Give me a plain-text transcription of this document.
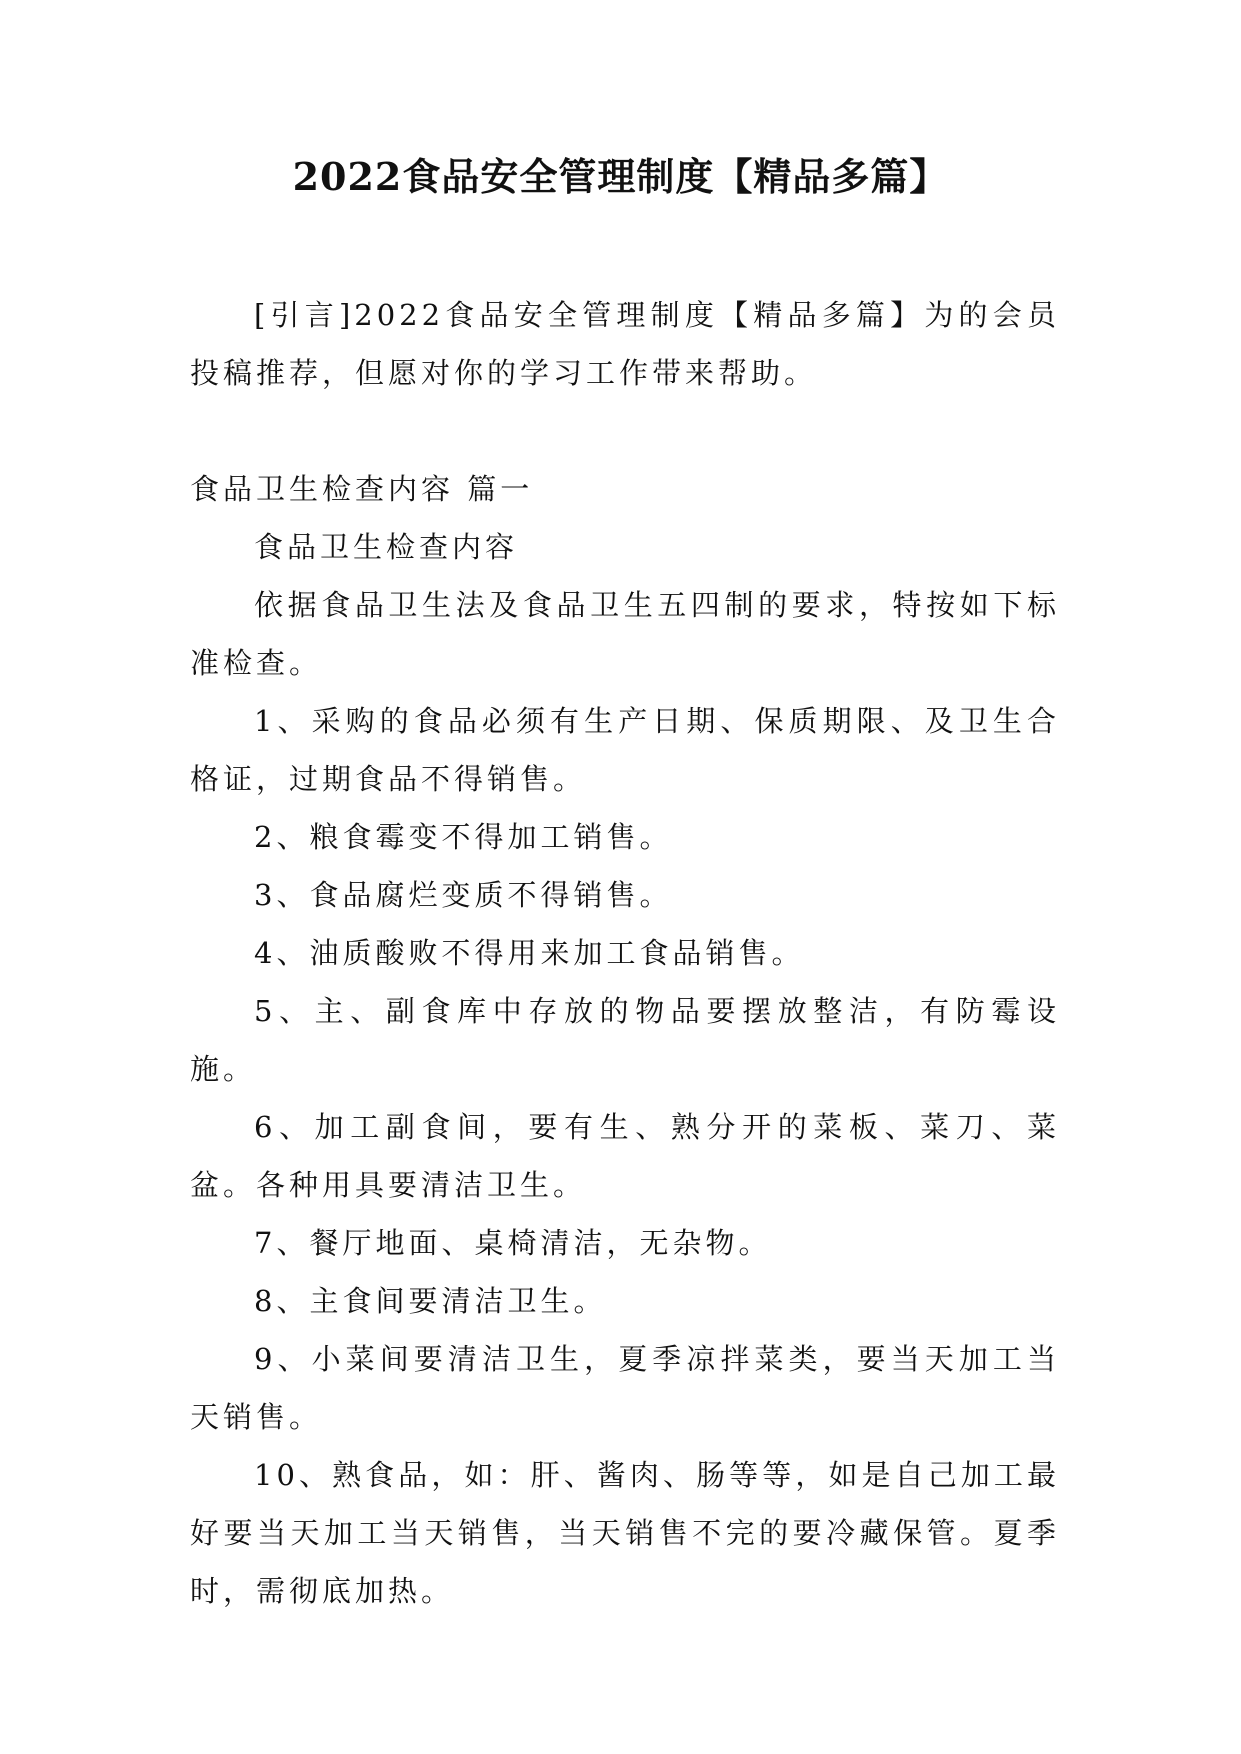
2022食品安全管理制度【精品多篇】

[引言]2022食品安全管理制度【精品多篇】为的会员投稿推荐，但愿对你的学习工作带来帮助。

食品卫生检查内容 篇一

食品卫生检查内容

依据食品卫生法及食品卫生五四制的要求，特按如下标准检查。

1、采购的食品必须有生产日期、保质期限、及卫生合格证，过期食品不得销售。

2、粮食霉变不得加工销售。

3、食品腐烂变质不得销售。

4、油质酸败不得用来加工食品销售。

5、主、副食库中存放的物品要摆放整洁，有防霉设施。

6、加工副食间，要有生、熟分开的菜板、菜刀、菜盆。各种用具要清洁卫生。

7、餐厅地面、桌椅清洁，无杂物。

8、主食间要清洁卫生。

9、小菜间要清洁卫生，夏季凉拌菜类，要当天加工当天销售。

10、熟食品，如：肝、酱肉、肠等等，如是自己加工最好要当天加工当天销售，当天销售不完的要冷藏保管。夏季时，需彻底加热。
